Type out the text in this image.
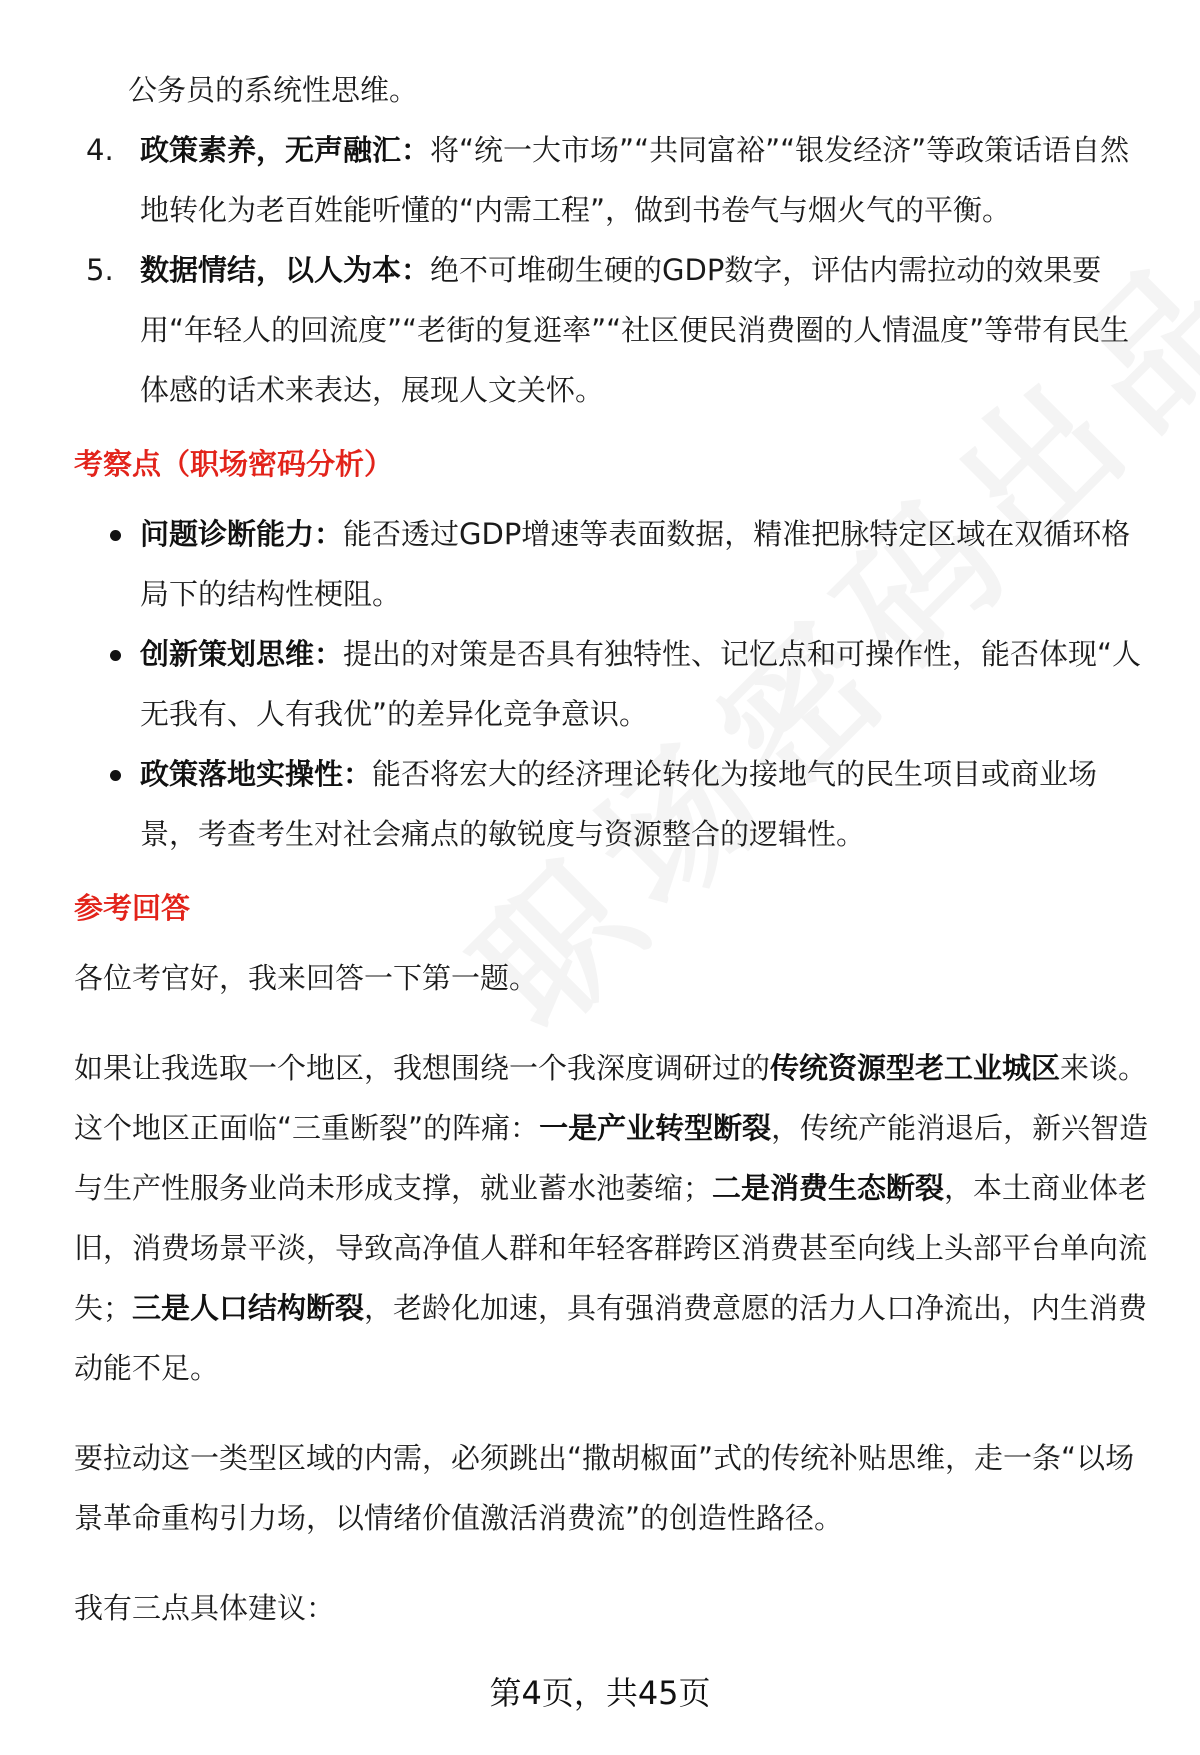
公务员的系统性思维。

4. 政策素养，无声融汇：将“统一大市场”“共同富裕”“银发经济”等政策话语自然地转化为老百姓能听懂的“内需工程”，做到书卷气与烟火气的平衡。
5. 数据情结，以人为本：绝不可堆砌生硬的GDP数字，评估内需拉动的效果要用“年轻人的回流度”“老街的复逛率”“社区便民消费圈的人情温度”等带有民生体感的话术来表达，展现人文关怀。
考察点（职场密码分析）
问题诊断能力：能否透过GDP增速等表面数据，精准把脉特定区域在双循环格局下的结构性梗阻。
创新策划思维：提出的对策是否具有独特性、记忆点和可操作性，能否体现“人无我有、人有我优”的差异化竞争意识。
政策落地实操性：能否将宏大的经济理论转化为接地气的民生项目或商业场景，考查考生对社会痛点的敏锐度与资源整合的逻辑性。
参考回答

各位考官好，我来回答一下第一题。

如果让我选取一个地区，我想围绕一个我深度调研过的传统资源型老工业城区来谈。这个地区正面临“三重断裂”的阵痛：一是产业转型断裂，传统产能消退后，新兴智造与生产性服务业尚未形成支撑，就业蓄水池萎缩；二是消费生态断裂，本土商业体老旧，消费场景平淡，导致高净值人群和年轻客群跨区消费甚至向线上头部平台单向流失；三是人口结构断裂，老龄化加速，具有强消费意愿的活力人口净流出，内生消费动能不足。

要拉动这一类型区域的内需，必须跳出“撒胡椒面”式的传统补贴思维，走一条“以场景革命重构引力场，以情绪价值激活消费流”的创造性路径。

我有三点具体建议：

第4页，共45页
